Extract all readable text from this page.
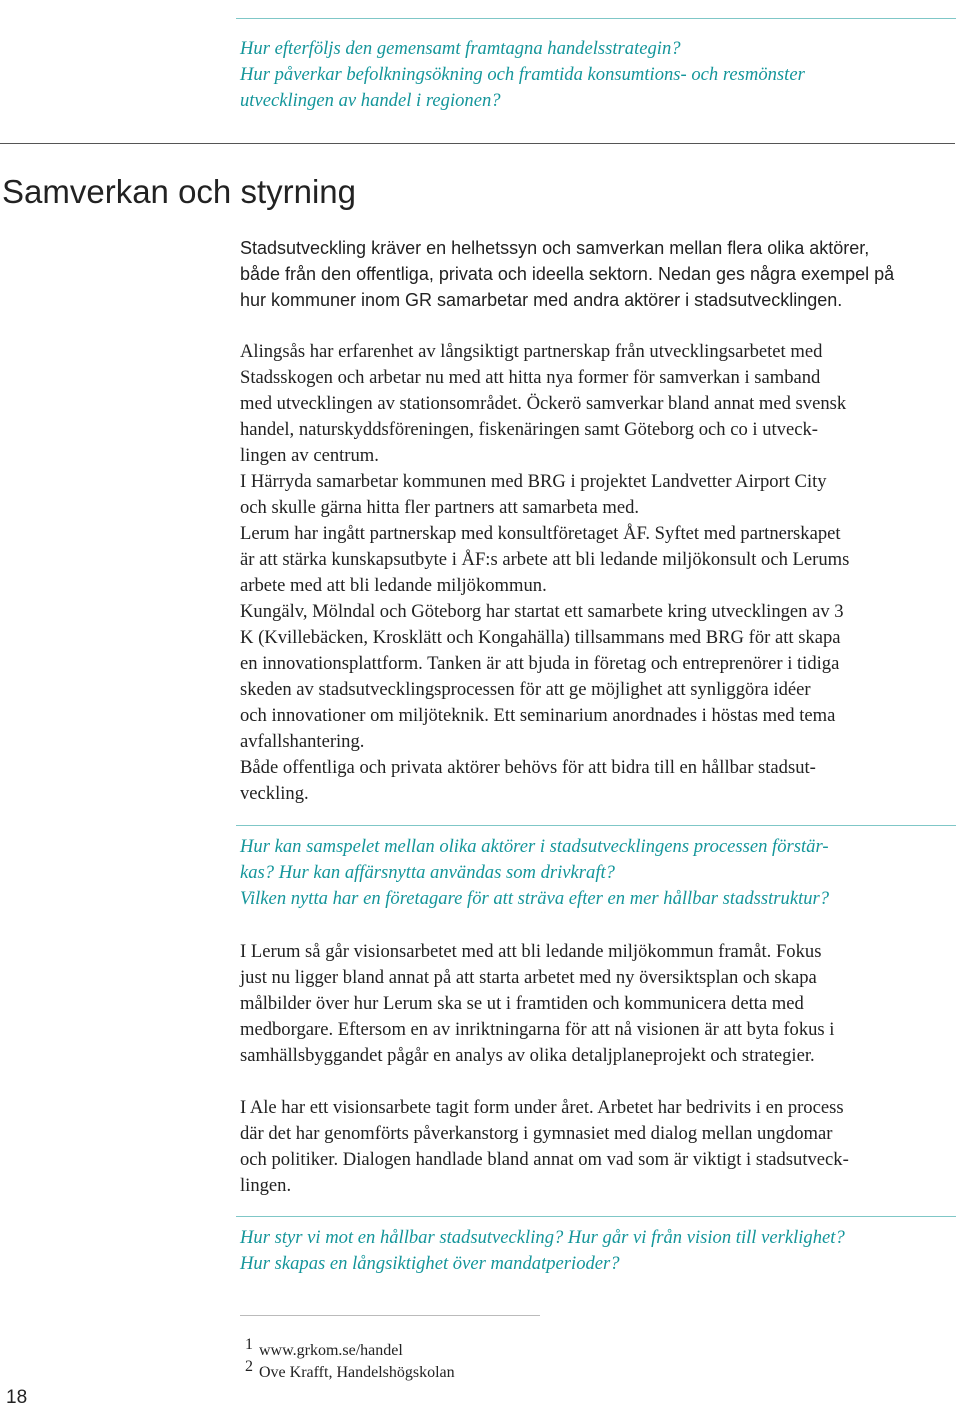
Hur efterföljs den gemensamt framtagna handelsstrategin?
Hur påverkar befolkningsökning och framtida konsumtions- och resmönster
utvecklingen av handel i regionen?
Samverkan och styrning
Stadsutveckling kräver en helhetssyn och samverkan mellan flera olika aktörer,
både från den offentliga, privata och ideella sektorn. Nedan ges några exempel på
hur kommuner inom GR samarbetar med andra aktörer i stadsutvecklingen.
Alingsås har erfarenhet av långsiktigt partnerskap från utvecklingsarbetet med
Stadsskogen och arbetar nu med att hitta nya former för samverkan i samband
med utvecklingen av stationsområdet. Öckerö samverkar bland annat med svensk
handel, naturskyddsföreningen, fiskenäringen samt Göteborg och co i utveck-
lingen av centrum.
I Härryda samarbetar kommunen med BRG i projektet Landvetter Airport City
och skulle gärna hitta fler partners att samarbeta med.
Lerum har ingått partnerskap med konsultföretaget ÅF. Syftet med partnerskapet
är att stärka kunskapsutbyte i ÅF:s arbete att bli ledande miljökonsult och Lerums
arbete med att bli ledande miljökommun.
Kungälv, Mölndal och Göteborg har startat ett samarbete kring utvecklingen av 3
K (Kvillebäcken, Krosklätt och Kongahälla) tillsammans med BRG för att skapa
en innovationsplattform. Tanken är att bjuda in företag och entreprenörer i tidiga
skeden av stadsutvecklingsprocessen för att ge möjlighet att synliggöra idéer
och innovationer om miljöteknik. Ett seminarium anordnades i höstas med tema
avfallshantering.
Både offentliga och privata aktörer behövs för att bidra till en hållbar stadsut-
veckling.
Hur kan samspelet mellan olika aktörer i stadsutvecklingens processen förstär-
kas? Hur kan affärsnytta användas som drivkraft?
Vilken nytta har en företagare för att sträva efter en mer hållbar stadsstruktur?
I Lerum så går visionsarbetet med att bli ledande miljökommun framåt. Fokus
just nu ligger bland annat på att starta arbetet med ny översiktsplan och skapa
målbilder över hur Lerum ska se ut i framtiden och kommunicera detta med
medborgare. Eftersom en av inriktningarna för att nå visionen är att byta fokus i
samhällsbyggandet pågår en analys av olika detaljplaneprojekt och strategier.
I Ale har ett visionsarbete tagit form under året. Arbetet har bedrivits i en process
där det har genomförts påverkanstorg i gymnasiet med dialog mellan ungdomar
och politiker. Dialogen handlade bland annat om vad som är viktigt i stadsutveck-
lingen.
Hur styr vi mot en hållbar stadsutveckling? Hur går vi från vision till verklighet?
Hur skapas en långsiktighet över mandatperioder?
$^1$ www.grkom.se/handel
$^2$ Ove Krafft, Handelshögskolan
18
